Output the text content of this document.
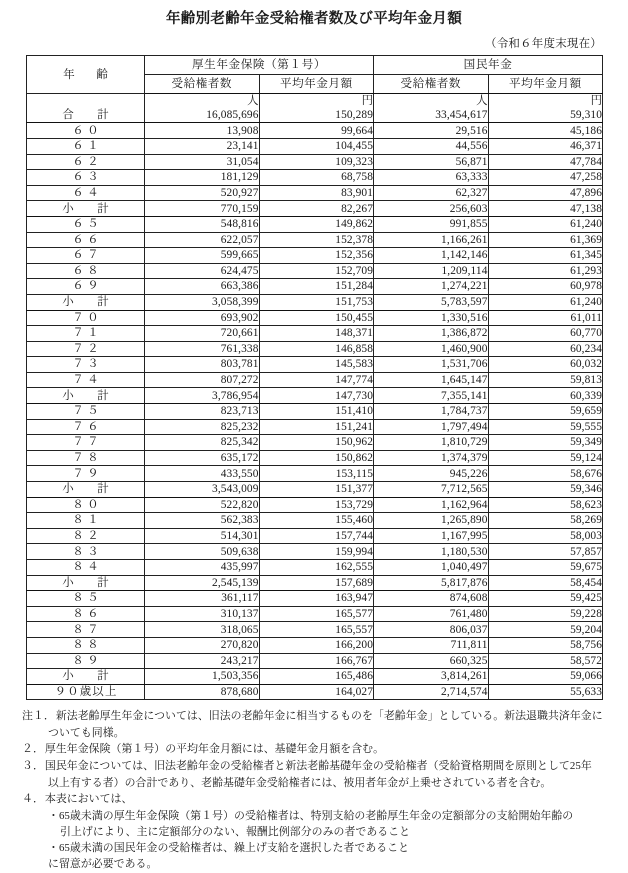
年齢別老齢年金受給権者数及び平均年金月額
（令和６年度末現在）
年　齢	厚生年金保険（第１号）		国民年金	
	受給権者数	平均年金月額	受給権者数	平均年金月額
	人	円	人	円
合　計	16,085,696	150,289	33,454,617	59,310
６０	13,908	99,664	29,516	45,186
６１	23,141	104,455	44,556	46,371
６２	31,054	109,323	56,871	47,784
６３	181,129	68,758	63,333	47,258
６４	520,927	83,901	62,327	47,896
小　計	770,159	82,267	256,603	47,138
６５	548,816	149,862	991,855	61,240
６６	622,057	152,378	1,166,261	61,369
６７	599,665	152,356	1,142,146	61,345
６８	624,475	152,709	1,209,114	61,293
６９	663,386	151,284	1,274,221	60,978
小　計	3,058,399	151,753	5,783,597	61,240
７０	693,902	150,455	1,330,516	61,011
７１	720,661	148,371	1,386,872	60,770
７２	761,338	146,858	1,460,900	60,234
７３	803,781	145,583	1,531,706	60,032
７４	807,272	147,774	1,645,147	59,813
小　計	3,786,954	147,730	7,355,141	60,339
７５	823,713	151,410	1,784,737	59,659
７６	825,232	151,241	1,797,494	59,555
７７	825,342	150,962	1,810,729	59,349
７８	635,172	150,862	1,374,379	59,124
７９	433,550	153,115	945,226	58,676
小　計	3,543,009	151,377	7,712,565	59,346
８０	522,820	153,729	1,162,964	58,623
８１	562,383	155,460	1,265,890	58,269
８２	514,301	157,744	1,167,995	58,003
８３	509,638	159,994	1,180,530	57,857
８４	435,997	162,555	1,040,497	59,675
小　計	2,545,139	157,689	5,817,876	58,454
８５	361,117	163,947	874,608	59,425
８６	310,137	165,577	761,480	59,228
８７	318,065	165,557	806,037	59,204
８８	270,820	166,200	711,811	58,756
８９	243,217	166,767	660,325	58,572
小　計	1,503,356	165,486	3,814,261	59,066
９０歳以上	878,680	164,027	2,714,574	55,633
注１． 新法老齢厚生年金については、旧法の老齢年金に相当するものを「老齢年金」としている。新法退職共済年金に
ついても同様。
２． 厚生年金保険（第１号）の平均年金月額には、基礎年金月額を含む。
３． 国民年金については、旧法老齢年金の受給権者と新法老齢基礎年金の受給権者（受給資格期間を原則として25年
以上有する者）の合計であり、老齢基礎年金受給権者には、被用者年金が上乗せされている者を含む。
４． 本表においては、
・65歳未満の厚生年金保険（第１号）の受給権者は、特別支給の老齢厚生年金の定額部分の支給開始年齢の
引上げにより、主に定額部分のない、報酬比例部分のみの者であること
・65歳未満の国民年金の受給権者は、繰上げ支給を選択した者であること
に留意が必要である。
